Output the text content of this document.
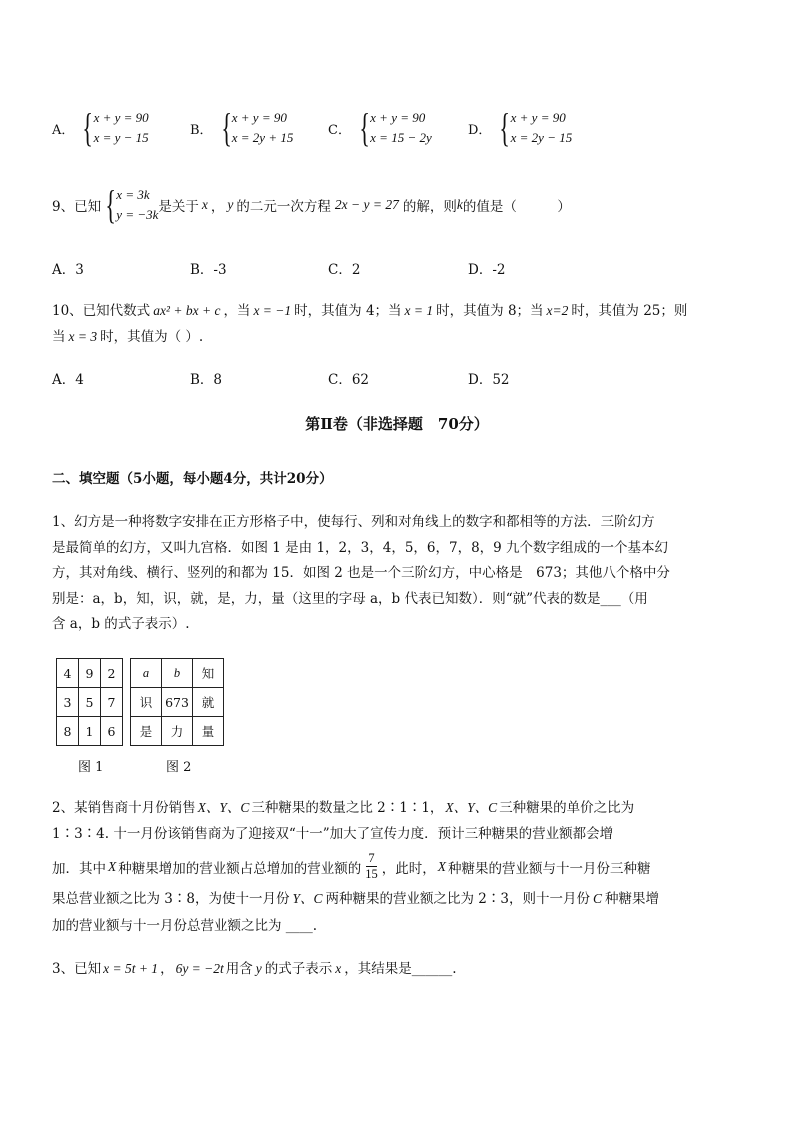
A． { x + y = 90
x = y − 15	B． { x + y = 90
x = 2y + 15	C． { x + y = 90
x = 15 − 2y	D． { x + y = 90
x = 2y − 15
9、已知 { x = 3k
y = −3k 是关于 x ， y 的二元一次方程 2x − y = 27 的解，则 k 的值是（　　　）
A．3	B．-3	C．2	D．-2
10、已知代数式 ax² + bx + c ，当 x = −1 时，其值为 4；当 x = 1 时，其值为 8；当 x=2 时，其值为 25；则
当 x = 3 时，其值为（ ）.
A．4	B．8	C．62	D．52
第Ⅱ卷（非选择题　70分）
二、填空题（5小题，每小题4分，共计20分）
1、幻方是一种将数字安排在正方形格子中，使每行、列和对角线上的数字和都相等的方法．三阶幻方
是最简单的幻方，又叫九宫格．如图 1 是由 1，2，3，4，5，6，7，8，9 九个数字组成的一个基本幻
方，其对角线、横行、竖列的和都为 15．如图 2 也是一个三阶幻方，中心格是　673；其他八个格中分
别是：a，b，知，识，就，是，力，量（这里的字母 a，b 代表已知数）．则“就”代表的数是___（用
含 a，b 的式子表示）.
4	9	2
3	5	7
8	1	6
图 1
a	b	知
识	673	就
是	力	量
图 2
2、某销售商十月份销售 X、Y、C 三种糖果的数量之比 2∶1∶1， X、Y、C 三种糖果的单价之比为
1∶3∶4. 十一月份该销售商为了迎接双“十一”加大了宣传力度．预计三种糖果的营业额都会增
加．其中 X 种糖果增加的营业额占总增加的营业额的 $\frac{7}{15}$ ，此时， X 种糖果的营业额与十一月份三种糖
果总营业额之比为 3∶8，为使十一月份 Y、C 两种糖果的营业额之比为 2∶3，则十一月份 C 种糖果增
加的营业额与十一月份总营业额之比为 ____.
3、已知 x = 5t + 1 ， 6y = −2t 用含 y 的式子表示 x ，其结果是______.
